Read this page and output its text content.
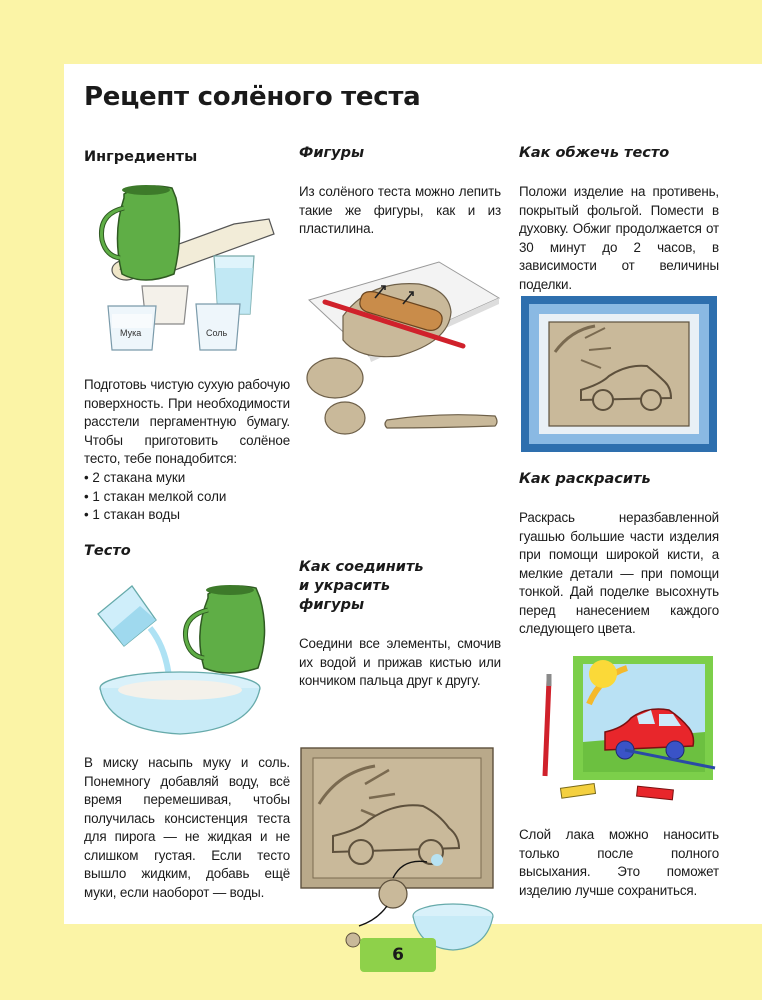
Рецепт солёного теста
Ингредиенты
Мука	Соль

Подготовь чистую сухую рабочую поверхность. При необходимости расстели пергаментную бумагу. Чтобы приготовить солёное тесто, тебе понадобится:

• 2 стакана муки
• 1 стакан мелкой соли
• 1 стакан воды
Тесто

В миску насыпь муку и соль. Понемногу добавляй воду, всё время перемешивая, чтобы получилась консистенция теста для пирога — не жидкая и не слишком густая. Если тесто вышло жидким, добавь ещё муки, если наоборот — воды.

Фигуры

Из солёного теста можно лепить такие же фигуры, как и из пластилина.

Как соединить
и украсить
фигуры

Соедини все элементы, смочив их водой и прижав кистью или кончиком пальца друг к другу.

Как обжечь тесто

Положи изделие на противень, покрытый фольгой. Помести в духовку. Обжиг продолжается от 30 минут до 2 часов, в зависимости от величины поделки.

Как раскрасить

Раскрась неразбавленной гуашью большие части изделия при помощи широкой кисти, а мелкие детали — при помощи тонкой. Дай поделке высохнуть перед нанесением каждого следующего цвета.

Слой лака можно наносить только после полного высыхания. Это поможет изделию лучше сохраниться.

6
